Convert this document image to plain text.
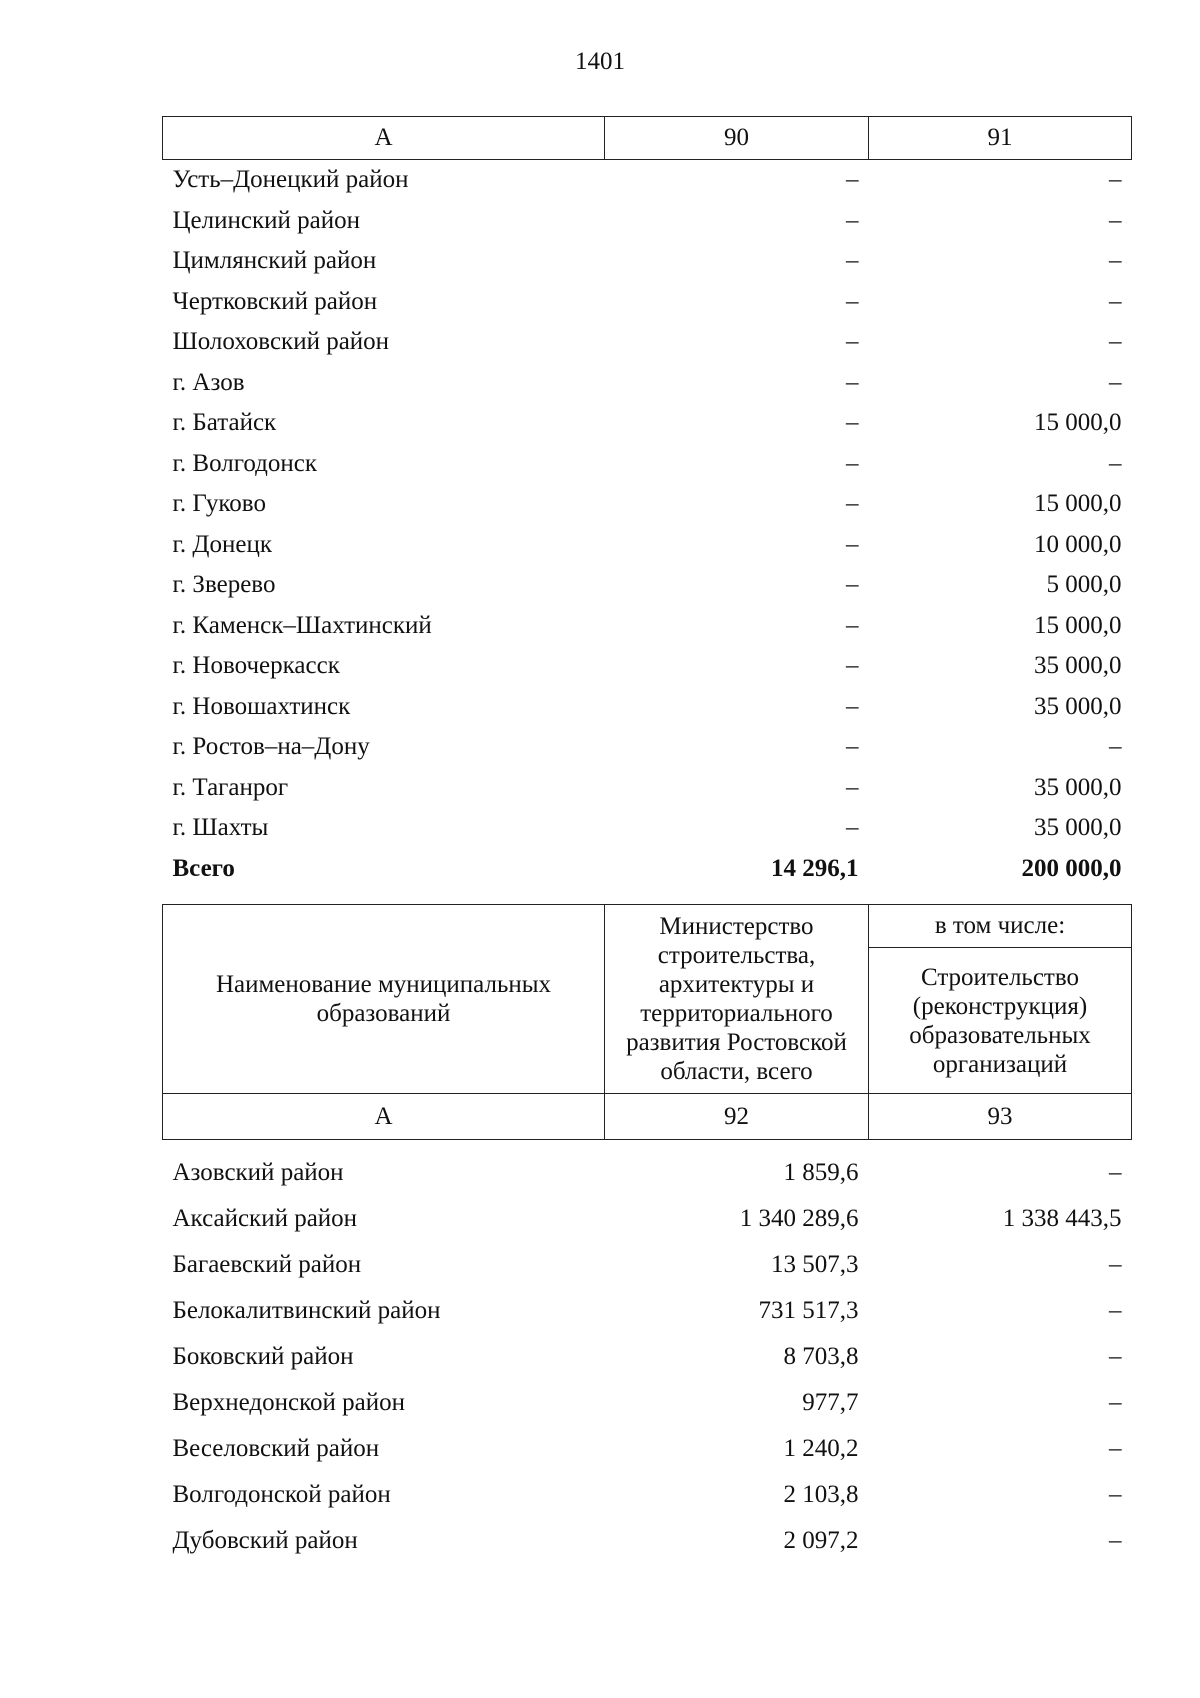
1401
А	90	91
Усть–Донецкий район	–	–
Целинский район	–	–
Цимлянский район	–	–
Чертковский район	–	–
Шолоховский район	–	–
г. Азов	–	–
г. Батайск	–	15 000,0
г. Волгодонск	–	–
г. Гуково	–	15 000,0
г. Донецк	–	10 000,0
г. Зверево	–	5 000,0
г. Каменск–Шахтинский	–	15 000,0
г. Новочеркасск	–	35 000,0
г. Новошахтинск	–	35 000,0
г. Ростов–на–Дону	–	–
г. Таганрог	–	35 000,0
г. Шахты	–	35 000,0
Всего	14 296,1	200 000,0
Наименование муниципальных образований	Министерство строительства, архитектуры и территориального развития Ростовской области, всего	в том числе:
		Строительство (реконструкция) образовательных организаций
А	92	93
Азовский район	1 859,6	–
Аксайский район	1 340 289,6	1 338 443,5
Багаевский район	13 507,3	–
Белокалитвинский район	731 517,3	–
Боковский район	8 703,8	–
Верхнедонской район	977,7	–
Веселовский район	1 240,2	–
Волгодонской район	2 103,8	–
Дубовский район	2 097,2	–
